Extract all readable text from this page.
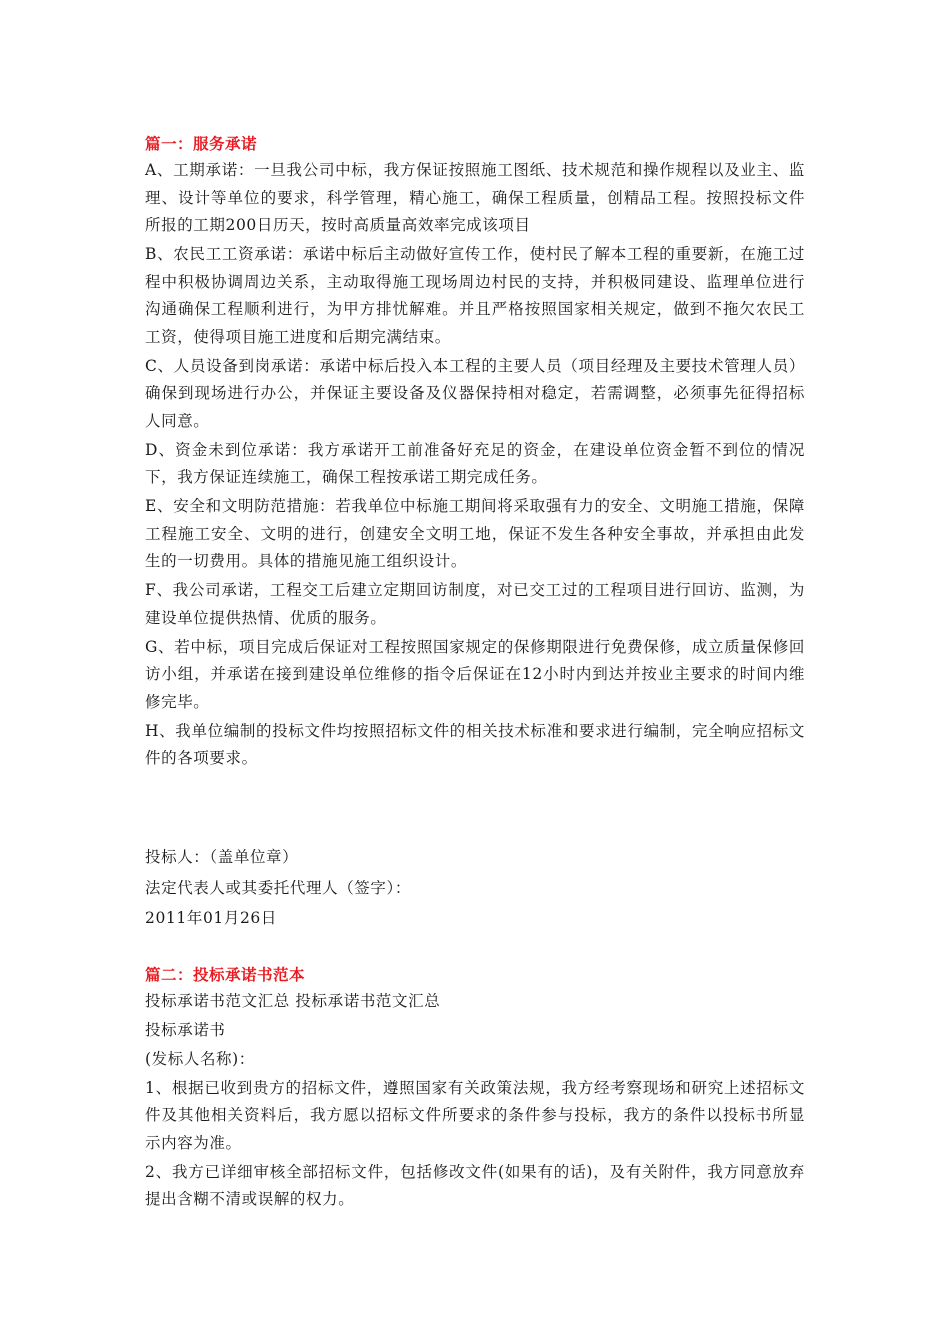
篇一：服务承诺

A、工期承诺：一旦我公司中标，我方保证按照施工图纸、技术规范和操作规程以及业主、监理、设计等单位的要求，科学管理，精心施工，确保工程质量，创精品工程。按照投标文件所报的工期200日历天，按时高质量高效率完成该项目

B、农民工工资承诺：承诺中标后主动做好宣传工作，使村民了解本工程的重要新，在施工过程中积极协调周边关系，主动取得施工现场周边村民的支持，并积极同建设、监理单位进行沟通确保工程顺利进行，为甲方排忧解难。并且严格按照国家相关规定，做到不拖欠农民工工资，使得项目施工进度和后期完满结束。

C、人员设备到岗承诺：承诺中标后投入本工程的主要人员（项目经理及主要技术管理人员）确保到现场进行办公，并保证主要设备及仪器保持相对稳定，若需调整，必须事先征得招标人同意。

D、资金未到位承诺：我方承诺开工前准备好充足的资金，在建设单位资金暂不到位的情况下，我方保证连续施工，确保工程按承诺工期完成任务。

E、安全和文明防范措施：若我单位中标施工期间将采取强有力的安全、文明施工措施，保障工程施工安全、文明的进行，创建安全文明工地，保证不发生各种安全事故，并承担由此发生的一切费用。具体的措施见施工组织设计。

F、我公司承诺，工程交工后建立定期回访制度，对已交工过的工程项目进行回访、监测，为建设单位提供热情、优质的服务。

G、若中标，项目完成后保证对工程按照国家规定的保修期限进行免费保修，成立质量保修回访小组，并承诺在接到建设单位维修的指令后保证在12小时内到达并按业主要求的时间内维修完毕。

H、我单位编制的投标文件均按照招标文件的相关技术标准和要求进行编制，完全响应招标文件的各项要求。

投标人：（盖单位章）

法定代表人或其委托代理人（签字）：

2011年01月26日

篇二：投标承诺书范本

投标承诺书范文汇总 投标承诺书范文汇总

投标承诺书

(发标人名称)：

1、根据已收到贵方的招标文件，遵照国家有关政策法规，我方经考察现场和研究上述招标文件及其他相关资料后，我方愿以招标文件所要求的条件参与投标，我方的条件以投标书所显示内容为准。

2、我方已详细审核全部招标文件，包括修改文件(如果有的话)，及有关附件，我方同意放弃提出含糊不清或误解的权力。
